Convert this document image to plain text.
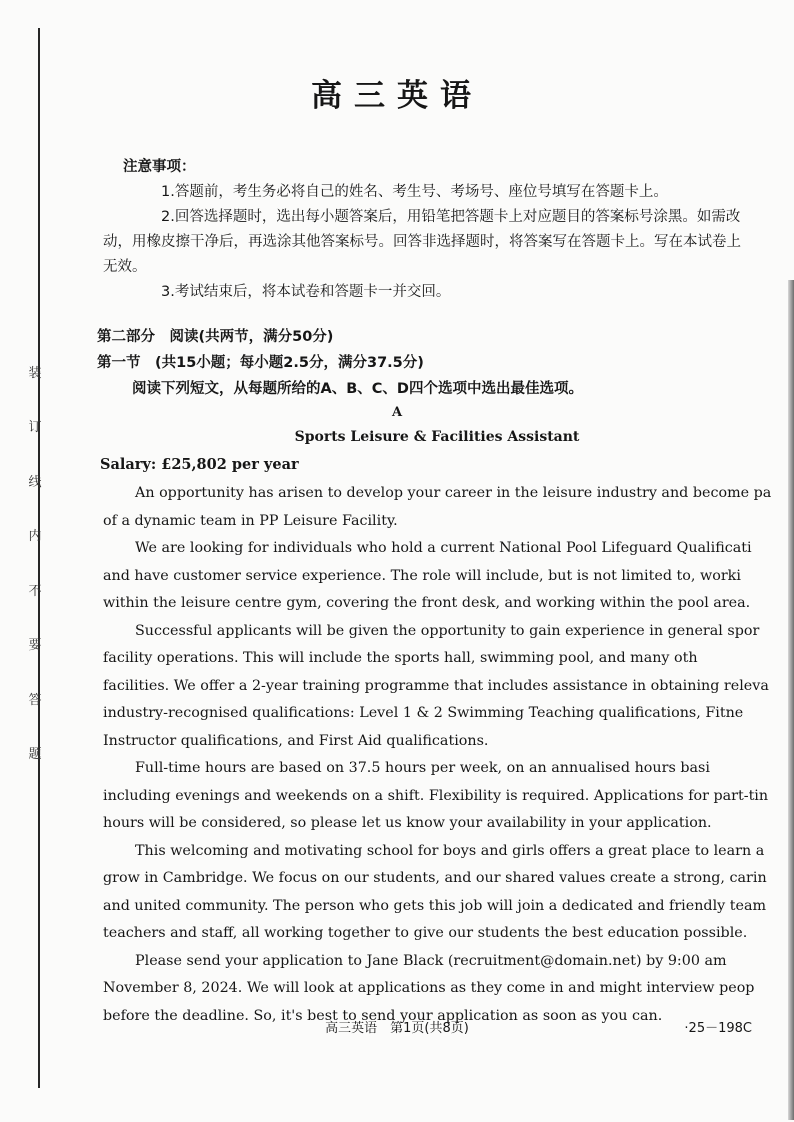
装
订
线
内
不
要
答
题
高三英语
注意事项：
1.答题前，考生务必将自己的姓名、考生号、考场号、座位号填写在答题卡上。
2.回答选择题时，选出每小题答案后，用铅笔把答题卡上对应题目的答案标号涂黑。如需改动，用橡皮擦干净后，再选涂其他答案标号。回答非选择题时，将答案写在答题卡上。写在本试卷上无效。
3.考试结束后，将本试卷和答题卡一并交回。
第二部分　阅读(共两节，满分50分)
第一节　(共15小题；每小题2.5分，满分37.5分)
阅读下列短文，从每题所给的A、B、C、D四个选项中选出最佳选项。
A
Sports Leisure & Facilities Assistant
Salary: £25,802 per year

An opportunity has arisen to develop your career in the leisure industry and become pa

of a dynamic team in PP Leisure Facility.

We are looking for individuals who hold a current National Pool Lifeguard Qualificati

and have customer service experience. The role will include, but is not limited to, worki

within the leisure centre gym, covering the front desk, and working within the pool area.

Successful applicants will be given the opportunity to gain experience in general spor

facility operations. This will include the sports hall, swimming pool, and many oth

facilities. We offer a 2-year training programme that includes assistance in obtaining releva

industry-recognised qualifications: Level 1 & 2 Swimming Teaching qualifications, Fitne

Instructor qualifications, and First Aid qualifications.

Full-time hours are based on 37.5 hours per week, on an annualised hours basi

including evenings and weekends on a shift. Flexibility is required. Applications for part-tin

hours will be considered, so please let us know your availability in your application.

This welcoming and motivating school for boys and girls offers a great place to learn a

grow in Cambridge. We focus on our students, and our shared values create a strong, carin

and united community. The person who gets this job will join a dedicated and friendly team

teachers and staff, all working together to give our students the best education possible.

Please send your application to Jane Black (recruitment@domain.net) by 9:00 am

November 8, 2024. We will look at applications as they come in and might interview peop

before the deadline. So, it's best to send your application as soon as you can.

高三英语　第1页(共8页)	·25－198C
